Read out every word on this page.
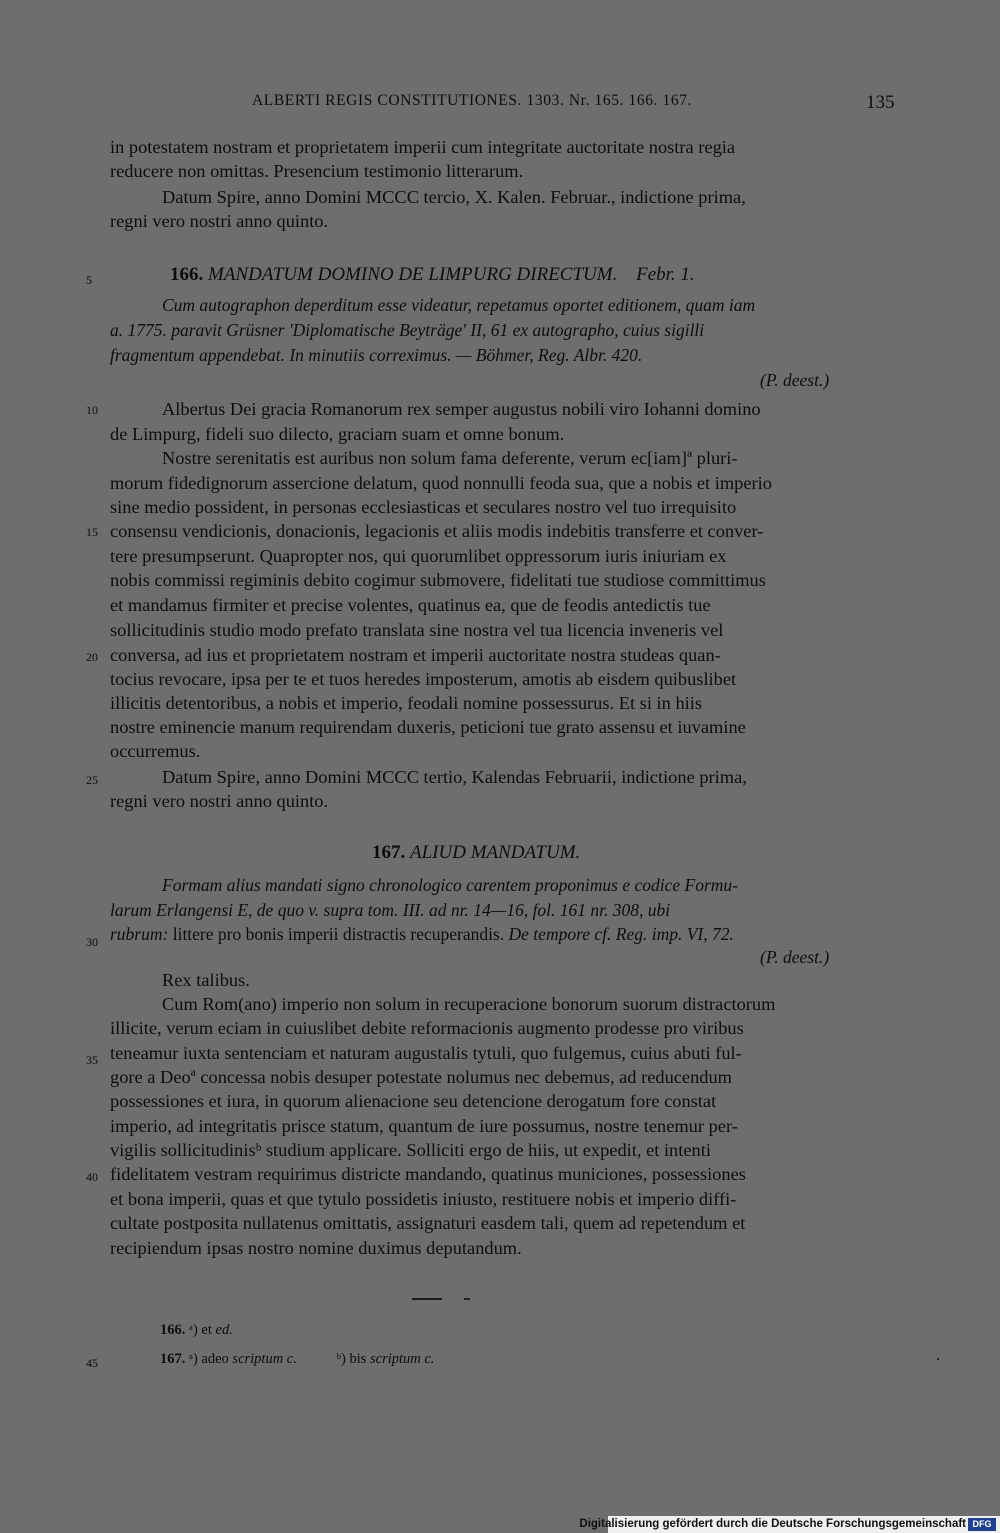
ALBERTI REGIS CONSTITUTIONES. 1303. Nr. 165. 166. 167.	135
in potestatem nostram et proprietatem imperii cum integritate auctoritate nostra regia
reducere non omittas. Presencium testimonio litterarum.
Datum Spire, anno Domini MCCC tercio, X. Kalen. Februar., indictione prima,
regni vero nostri anno quinto.
5
10
15
20
25
30
35
40
45
166. MANDATUM DOMINO DE LIMPURG DIRECTUM. Febr. 1.
Cum autographon deperditum esse videatur, repetamus oportet editionem, quam iam
a. 1775. paravit Grüsner 'Diplomatische Beyträge' II, 61 ex autographo, cuius sigilli
fragmentum appendebat. In minutiis correximus. — Böhmer, Reg. Albr. 420.
(P. deest.)
Albertus Dei gracia Romanorum rex semper augustus nobili viro Iohanni domino
de Limpurg, fideli suo dilecto, graciam suam et omne bonum.
Nostre serenitatis est auribus non solum fama deferente, verum ec[iam]ª pluri-
morum fidedignorum assercione delatum, quod nonnulli feoda sua, que a nobis et imperio
sine medio possident, in personas ecclesiasticas et seculares nostro vel tuo irrequisito
consensu vendicionis, donacionis, legacionis et aliis modis indebitis transferre et conver-
tere presumpserunt. Quapropter nos, qui quorumlibet oppressorum iuris iniuriam ex
nobis commissi regiminis debito cogimur submovere, fidelitati tue studiose committimus
et mandamus firmiter et precise volentes, quatinus ea, que de feodis antedictis tue
sollicitudinis studio modo prefato translata sine nostra vel tua licencia inveneris vel
conversa, ad ius et proprietatem nostram et imperii auctoritate nostra studeas quan-
tocius revocare, ipsa per te et tuos heredes imposterum, amotis ab eisdem quibuslibet
illicitis detentoribus, a nobis et imperio, feodali nomine possessurus. Et si in hiis
nostre eminencie manum requirendam duxeris, peticioni tue grato assensu et iuvamine
occurremus.
Datum Spire, anno Domini MCCC tertio, Kalendas Februarii, indictione prima,
regni vero nostri anno quinto.
167. ALIUD MANDATUM.
Formam alius mandati signo chronologico carentem proponimus e codice Formu-
larum Erlangensi E, de quo v. supra tom. III. ad nr. 14—16, fol. 161 nr. 308, ubi
rubrum: littere pro bonis imperii distractis recuperandis. De tempore cf. Reg. imp. VI, 72.
(P. deest.)
Rex talibus.
Cum Rom(ano) imperio non solum in recuperacione bonorum suorum distractorum
illicite, verum eciam in cuiuslibet debite reformacionis augmento prodesse pro viribus
teneamur iuxta sentenciam et naturam augustalis tytuli, quo fulgemus, cuius abuti ful-
gore a Deoª concessa nobis desuper potestate nolumus nec debemus, ad reducendum
possessiones et iura, in quorum alienacione seu detencione derogatum fore constat
imperio, ad integritatis prisce statum, quantum de iure possumus, nostre tenemur per-
vigilis sollicitudinisᵇ studium applicare. Solliciti ergo de hiis, ut expedit, et intenti
fidelitatem vestram requirimus districte mandando, quatinus municiones, possessiones
et bona imperii, quas et que tytulo possidetis iniusto, restituere nobis et imperio diffi-
cultate postposita nullatenus omittatis, assignaturi easdem tali, quem ad repetendum et
recipiendum ipsas nostro nomine duximus deputandum.
166. ᵃ) et ed.
167. ᵃ) adeo scriptum c.	ᵇ) bis scriptum c.
Digitalisierung gefördert durch die Deutsche Forschungsgemeinschaft DFG
